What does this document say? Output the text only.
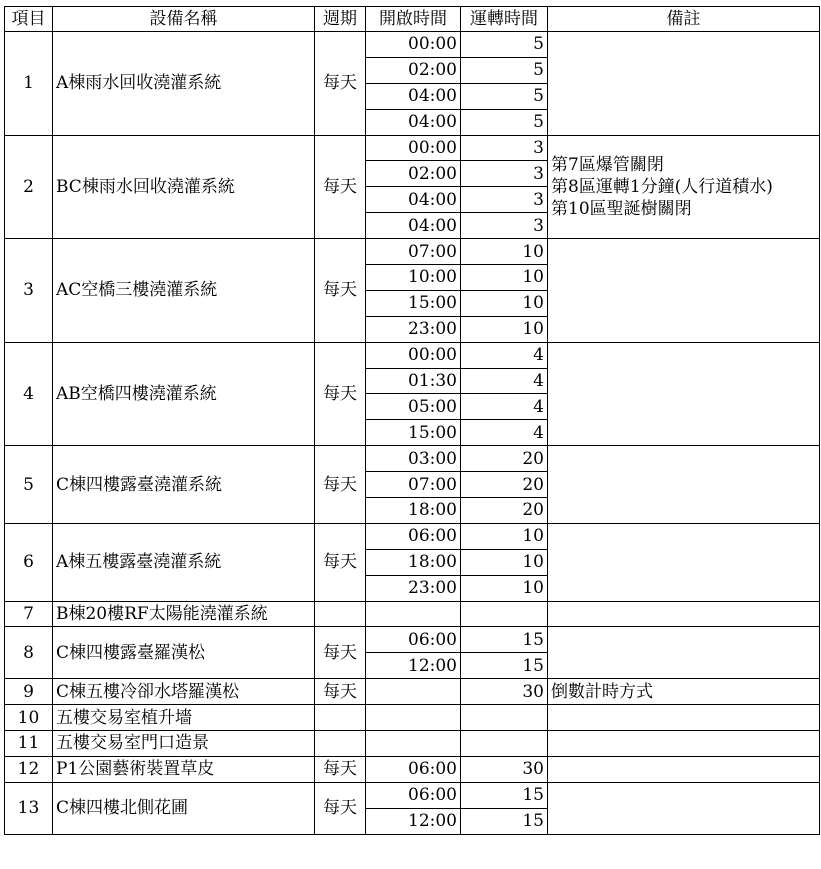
項目	設備名稱	週期	開啟時間	運轉時間	備註
1	A棟雨水回收澆灌系統	每天	00:00	5	
			02:00	5	
			04:00	5	
			04:00	5	
2	BC棟雨水回收澆灌系統	每天	00:00	3	第7區爆管關閉
第8區運轉1分鐘(人行道積水)
第10區聖誕樹關閉

			02:00	3	
			04:00	3	
			04:00	3	
3	AC空橋三樓澆灌系統	每天	07:00	10	
			10:00	10	
			15:00	10	
			23:00	10	
4	AB空橋四樓澆灌系統	每天	00:00	4	
			01:30	4	
			05:00	4	
			15:00	4	
5	C棟四樓露臺澆灌系統	每天	03:00	20	
			07:00	20	
			18:00	20	
6	A棟五樓露臺澆灌系統	每天	06:00	10	
			18:00	10	
			23:00	10	
7	B棟20樓RF太陽能澆灌系統				
8	C棟四樓露臺羅漢松	每天	06:00	15	
			12:00	15	
9	C棟五樓冷卻水塔羅漢松	每天		30	倒數計時方式

10	五樓交易室植升墻				
11	五樓交易室門口造景				
12	P1公園藝術裝置草皮	每天	06:00	30	
13	C棟四樓北側花圃	每天	06:00	15	
			12:00	15	
